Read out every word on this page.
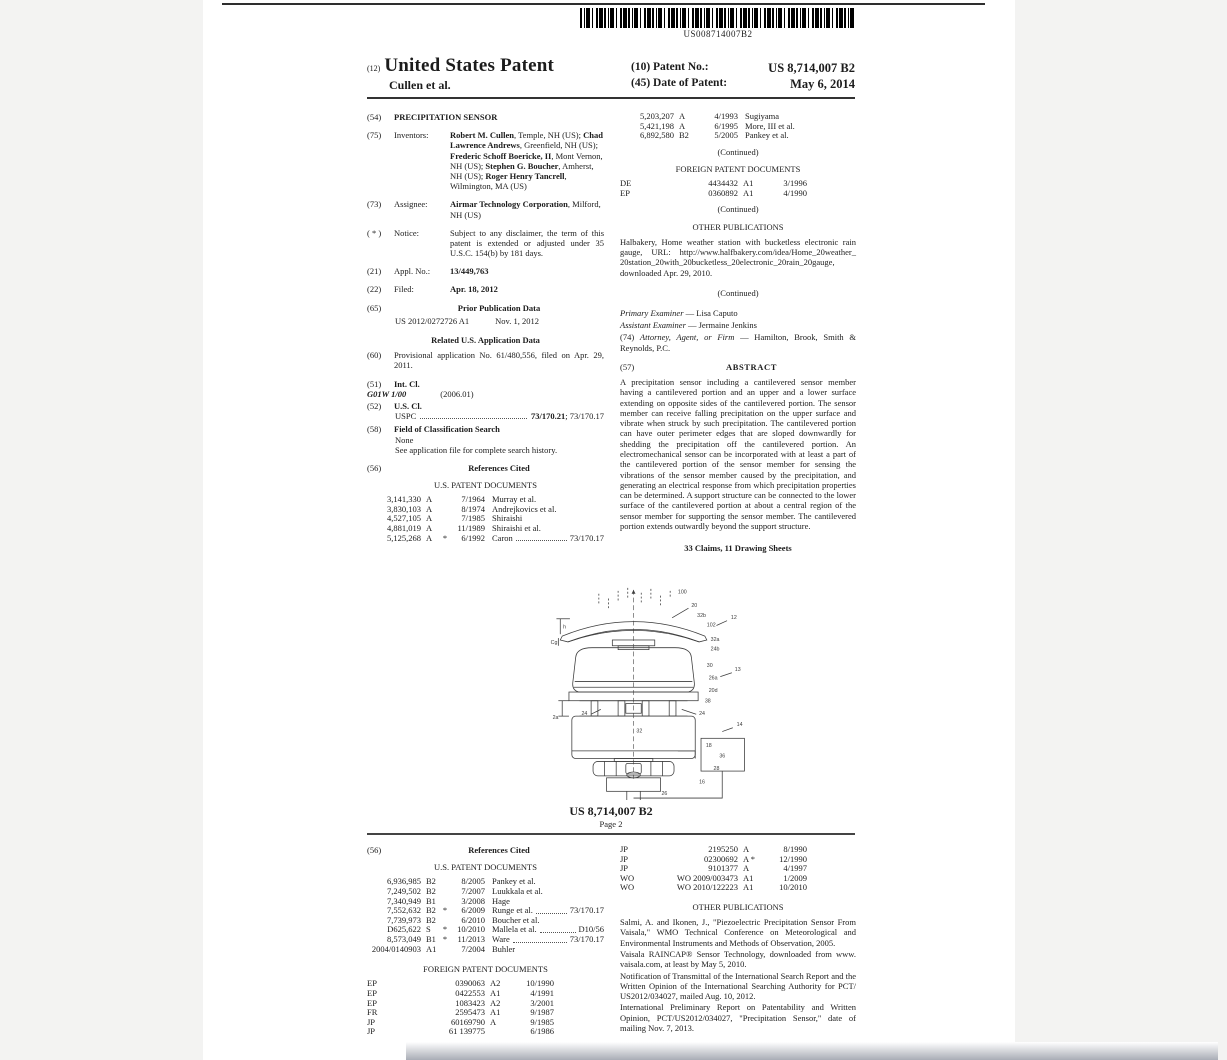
US008714007B2
(12) United States Patent
Cullen et al.
(10) Patent No.:	US 8,714,007 B2
(45) Date of Patent:	May 6, 2014
(54)	PRECIPITATION SENSOR
(75)	Inventors:	Robert M. Cullen, Temple, NH (US); Chad Lawrence Andrews, Greenfield, NH (US); Frederic Schoff Boericke, II, Mont Vernon, NH (US); Stephen G. Boucher, Amherst, NH (US); Roger Henry Tancrell, Wilmington, MA (US)
(73)	Assignee:	Airmar Technology Corporation, Milford, NH (US)
( * )	Notice:	Subject to any disclaimer, the term of this patent is extended or adjusted under 35 U.S.C. 154(b) by 181 days.
(21)	Appl. No.:	13/449,763
(22)	Filed:	Apr. 18, 2012
(65)	Prior Publication Data
US 2012/0272726 A1	Nov. 1, 2012
Related U.S. Application Data
(60)	Provisional application No. 61/480,556, filed on Apr. 29, 2011.
(51)	Int. Cl.
G01W 1/00	(2006.01)
(52)	U.S. Cl.
USPC	73/170.21 ; 73/170.17
(58)	Field of Classification Search
None
See application file for complete search history.
(56)	References Cited
U.S. PATENT DOCUMENTS
3,141,330 A	7/1964 Murray et al.
3,830,103 A	8/1974 Andrejkovics et al.
4,527,105 A	7/1985 Shiraishi
4,881,019 A	11/1989 Shiraishi et al.
5,125,268 A	*	6/1992 Caron	73/170.17
5,203,207 A	4/1993 Sugiyama
5,421,198 A	6/1995 More, III et al.
6,892,580 B2	5/2005 Pankey et al.
(Continued)
FOREIGN PATENT DOCUMENTS
DE	4434432 A1	3/1996
EP	0360892 A1	4/1990
(Continued)
OTHER PUBLICATIONS
Halbakery, Home weather station with bucketless electronic rain gauge, URL: http://www.halfbakery.com/idea/Home_20weather_ 20station_20with_20bucketless_20electronic_20rain_20gauge, downloaded Apr. 29, 2010.
(Continued)
Primary Examiner — Lisa Caputo
Assistant Examiner — Jermaine Jenkins
(74) Attorney, Agent, or Firm — Hamilton, Brook, Smith & Reynolds, P.C.
(57)	ABSTRACT
A precipitation sensor including a cantilevered sensor member having a cantilevered portion and an upper and a lower surface extending on opposite sides of the cantilevered portion. The sensor member can receive falling precipitation on the upper surface and vibrate when struck by such precipitation. The cantilevered portion can have outer perimeter edges that are sloped downwardly for shedding the precipitation off the cantilevered portion. An electromechanical sensor can be incorporated with at least a part of the cantilevered portion of the sensor member for sensing the vibrations of the sensor member caused by the precipitation, and generating an electrical response from which precipitation properties can be determined. A support structure can be connected to the lower surface of the cantilevered portion at about a central region of the sensor member for supporting the sensor member. The cantilevered portion extends outwardly beyond the support structure.
33 Claims, 11 Drawing Sheets
100
20
32b
102
12
32a
24b
30
13
26a
20d
38
24
24
2a
14
32
18
28
16
26
36
h
Cg
US 8,714,007 B2
Page 2
(56)	References Cited
U.S. PATENT DOCUMENTS
6,936,985 B2	8/2005 Pankey et al.
7,249,502 B2	7/2007 Luukkala et al.
7,340,949 B1	3/2008 Hage
7,552,632 B2 *	6/2009 Runge et al.	73/170.17
7,739,973 B2	6/2010 Boucher et al.
D625,622 S	*	10/2010 Mallela et al.	D10/56
8,573,049 B1 *	11/2013 Ware	73/170.17
2004/0140903 A1	7/2004 Buhler
FOREIGN PATENT DOCUMENTS
EP	0390063 A2	10/1990
EP	0422553 A1	4/1991
EP	1083423 A2	3/2001
FR	2595473 A1	9/1987
JP	60169790 A	9/1985
JP	61 139775	6/1986
JP	2195250 A	8/1990
JP	02300692 A *	12/1990
JP	9101377 A	4/1997
WO	WO 2009/003473 A1	1/2009
WO	WO 2010/122223 A1	10/2010
OTHER PUBLICATIONS
Salmi, A. and Ikonen, J., "Piezoelectric Precipitation Sensor From Vaisala," WMO Technical Conference on Meteorological and Environmental Instruments and Methods of Observation, 2005.
Vaisala RAINCAP® Sensor Technology, downloaded from www. vaisala.com, at least by May 5, 2010.
Notification of Transmittal of the International Search Report and the Written Opinion of the International Searching Authority for PCT/ US2012/034027, mailed Aug. 10, 2012.
International Preliminary Report on Patentability and Written Opinion, PCT/US2012/034027, "Precipitation Sensor," date of mailing Nov. 7, 2013.
